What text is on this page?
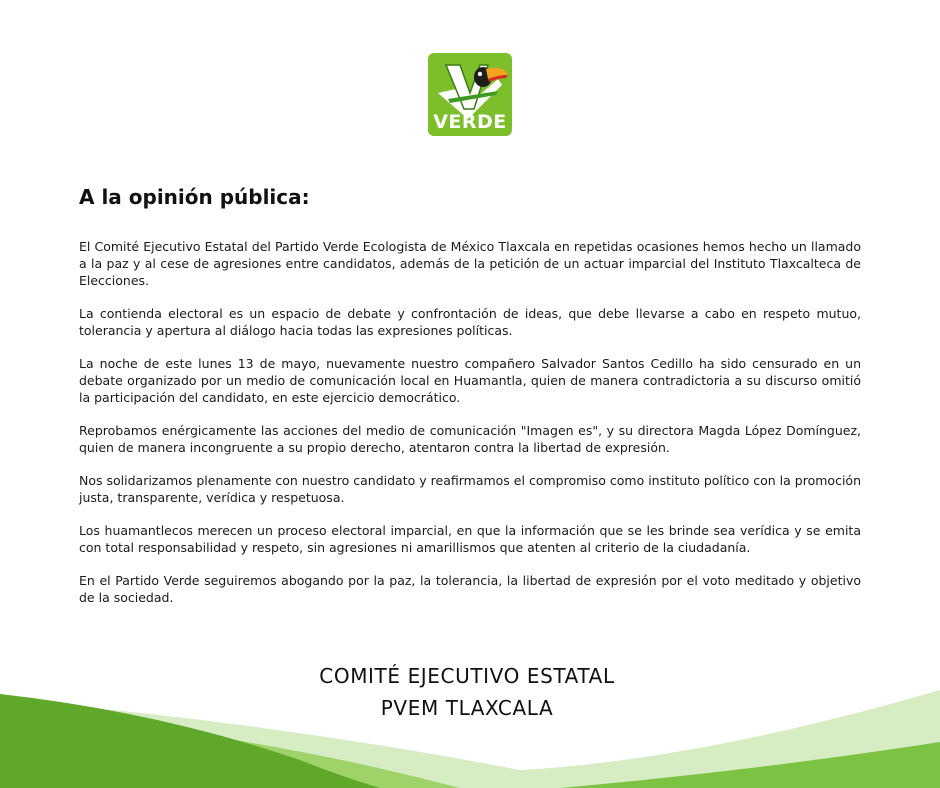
VERDE
A la opinión pública:

El Comité Ejecutivo Estatal del Partido Verde Ecologista de México Tlaxcala en repetidas ocasiones hemos hecho un llamado a la paz y al cese de agresiones entre candidatos, además de la petición de un actuar imparcial del Instituto Tlaxcalteca de Elecciones.

La contienda electoral es un espacio de debate y confrontación de ideas, que debe llevarse a cabo en respeto mutuo, tolerancia y apertura al diálogo hacia todas las expresiones políticas.

La noche de este lunes 13 de mayo, nuevamente nuestro compañero Salvador Santos Cedillo ha sido censurado en un debate organizado por un medio de comunicación local en Huamantla, quien de manera contradictoria a su discurso omitió la participación del candidato, en este ejercicio democrático.

Reprobamos enérgicamente las acciones del medio de comunicación "Imagen es", y su directora Magda López Domínguez, quien de manera incongruente a su propio derecho, atentaron contra la libertad de expresión.

Nos solidarizamos plenamente con nuestro candidato y reafirmamos el compromiso como instituto político con la promoción justa, transparente, verídica y respetuosa.

Los huamantlecos merecen un proceso electoral imparcial, en que la información que se les brinde sea verídica y se emita con total responsabilidad y respeto, sin agresiones ni amarillismos que atenten al criterio de la ciudadanía.

En el Partido Verde seguiremos abogando por la paz, la tolerancia, la libertad de expresión por el voto meditado y objetivo de la sociedad.

COMITÉ EJECUTIVO ESTATAL
PVEM TLAXCALA
